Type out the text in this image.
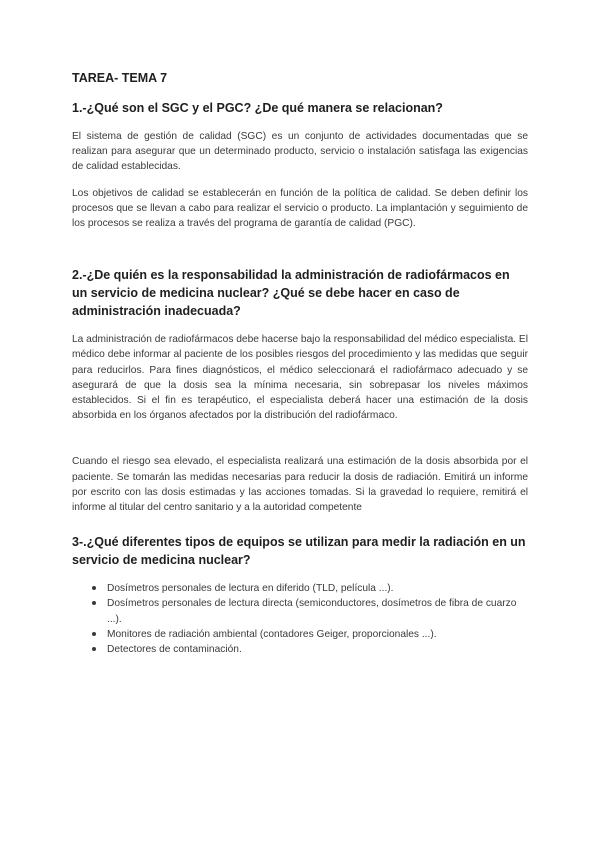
TAREA- TEMA 7
1.-¿Qué son el SGC y el PGC? ¿De qué manera se relacionan?

El sistema de gestión de calidad (SGC) es un conjunto de actividades documentadas que se realizan para asegurar que un determinado producto, servicio o instalación satisfaga las exigencias de calidad establecidas.

Los objetivos de calidad se establecerán en función de la política de calidad. Se deben definir los procesos que se llevan a cabo para realizar el servicio o producto. La implantación y seguimiento de los procesos se realiza a través del programa de garantía de calidad (PGC).

2.-¿De quién es la responsabilidad la administración de radiofármacos en un servicio de medicina nuclear? ¿Qué se debe hacer en caso de administración inadecuada?

La administración de radiofármacos debe hacerse bajo la responsabilidad del médico especialista. El médico debe informar al paciente de los posibles riesgos del procedimiento y las medidas que seguir para reducirlos. Para fines diagnósticos, el médico seleccionará el radiofármaco adecuado y se asegurará de que la dosis sea la mínima necesaria, sin sobrepasar los niveles máximos establecidos. Si el fin es terapéutico, el especialista deberá hacer una estimación de la dosis absorbida en los órganos afectados por la distribución del radiofármaco.

Cuando el riesgo sea elevado, el especialista realizará una estimación de la dosis absorbida por el paciente. Se tomarán las medidas necesarias para reducir la dosis de radiación. Emitirá un informe por escrito con las dosis estimadas y las acciones tomadas. Si la gravedad lo requiere, remitirá el informe al titular del centro sanitario y a la autoridad competente

3-.¿Qué diferentes tipos de equipos se utilizan para medir la radiación en un servicio de medicina nuclear?
Dosímetros personales de lectura en diferido (TLD, película ...).
Dosímetros personales de lectura directa (semiconductores, dosímetros de fibra de cuarzo ...).
Monitores de radiación ambiental (contadores Geiger, proporcionales ...).
Detectores de contaminación.
